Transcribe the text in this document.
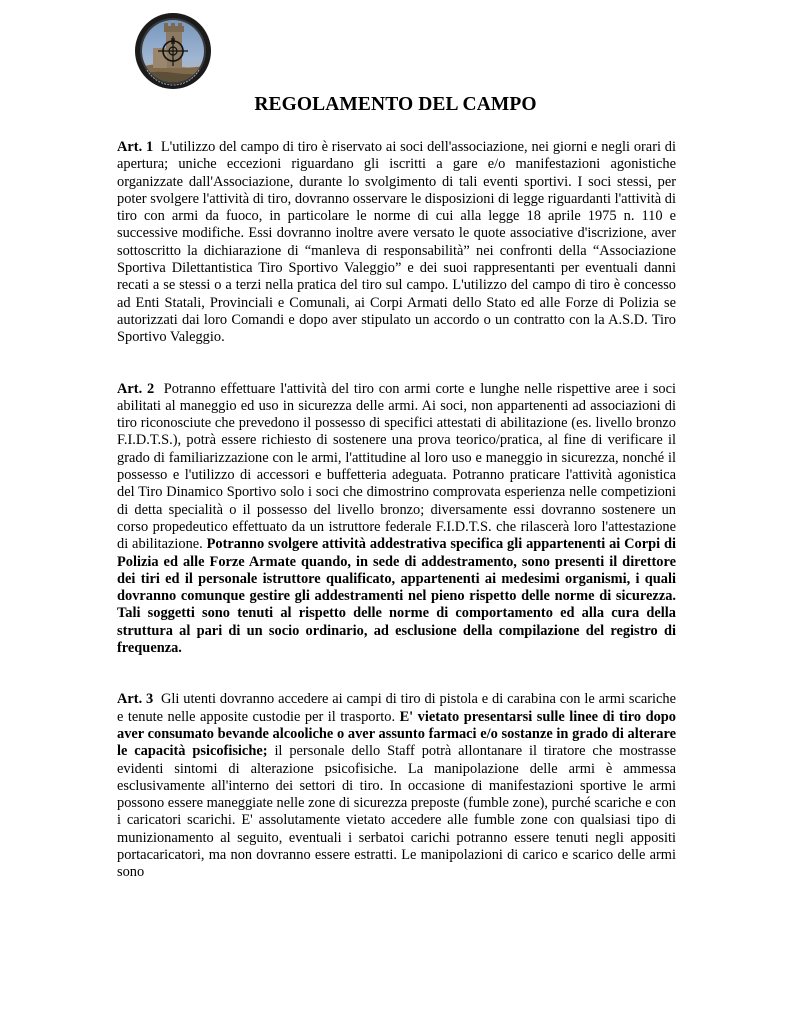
REGOLAMENTO DEL CAMPO

Art. 1 L'utilizzo del campo di tiro è riservato ai soci dell'associazione, nei giorni e negli orari di apertura; uniche eccezioni riguardano gli iscritti a gare e/o manifestazioni agonistiche organizzate dall'Associazione, durante lo svolgimento di tali eventi sportivi. I soci stessi, per poter svolgere l'attività di tiro, dovranno osservare le disposizioni di legge riguardanti l'attività di tiro con armi da fuoco, in particolare le norme di cui alla legge 18 aprile 1975 n. 110 e successive modifiche. Essi dovranno inoltre avere versato le quote associative d'iscrizione, aver sottoscritto la dichiarazione di “manleva di responsabilità” nei confronti della “Associazione Sportiva Dilettantistica Tiro Sportivo Valeggio” e dei suoi rappresentanti per eventuali danni recati a se stessi o a terzi nella pratica del tiro sul campo. L'utilizzo del campo di tiro è concesso ad Enti Statali, Provinciali e Comunali, ai Corpi Armati dello Stato ed alle Forze di Polizia se autorizzati dai loro Comandi e dopo aver stipulato un accordo o un contratto con la A.S.D. Tiro Sportivo Valeggio.

Art. 2 Potranno effettuare l'attività del tiro con armi corte e lunghe nelle rispettive aree i soci abilitati al maneggio ed uso in sicurezza delle armi. Ai soci, non appartenenti ad associazioni di tiro riconosciute che prevedono il possesso di specifici attestati di abilitazione (es. livello bronzo F.I.D.T.S.), potrà essere richiesto di sostenere una prova teorico/pratica, al fine di verificare il grado di familiarizzazione con le armi, l'attitudine al loro uso e maneggio in sicurezza, nonché il possesso e l'utilizzo di accessori e buffetteria adeguata. Potranno praticare l'attività agonistica del Tiro Dinamico Sportivo solo i soci che dimostrino comprovata esperienza nelle competizioni di detta specialità o il possesso del livello bronzo; diversamente essi dovranno sostenere un corso propedeutico effettuato da un istruttore federale F.I.D.T.S. che rilascerà loro l'attestazione di abilitazione. Potranno svolgere attività addestrativa specifica gli appartenenti ai Corpi di Polizia ed alle Forze Armate quando, in sede di addestramento, sono presenti il direttore dei tiri ed il personale istruttore qualificato, appartenenti ai medesimi organismi, i quali dovranno comunque gestire gli addestramenti nel pieno rispetto delle norme di sicurezza. Tali soggetti sono tenuti al rispetto delle norme di comportamento ed alla cura della struttura al pari di un socio ordinario, ad esclusione della compilazione del registro di frequenza.

Art. 3 Gli utenti dovranno accedere ai campi di tiro di pistola e di carabina con le armi scariche e tenute nelle apposite custodie per il trasporto. E' vietato presentarsi sulle linee di tiro dopo aver consumato bevande alcooliche o aver assunto farmaci e/o sostanze in grado di alterare le capacità psicofisiche; il personale dello Staff potrà allontanare il tiratore che mostrasse evidenti sintomi di alterazione psicofisiche. La manipolazione delle armi è ammessa esclusivamente all'interno dei settori di tiro. In occasione di manifestazioni sportive le armi possono essere maneggiate nelle zone di sicurezza preposte (fumble zone), purché scariche e con i caricatori scarichi. E' assolutamente vietato accedere alle fumble zone con qualsiasi tipo di munizionamento al seguito, eventuali i serbatoi carichi potranno essere tenuti negli appositi portacaricatori, ma non dovranno essere estratti. Le manipolazioni di carico e scarico delle armi sono
